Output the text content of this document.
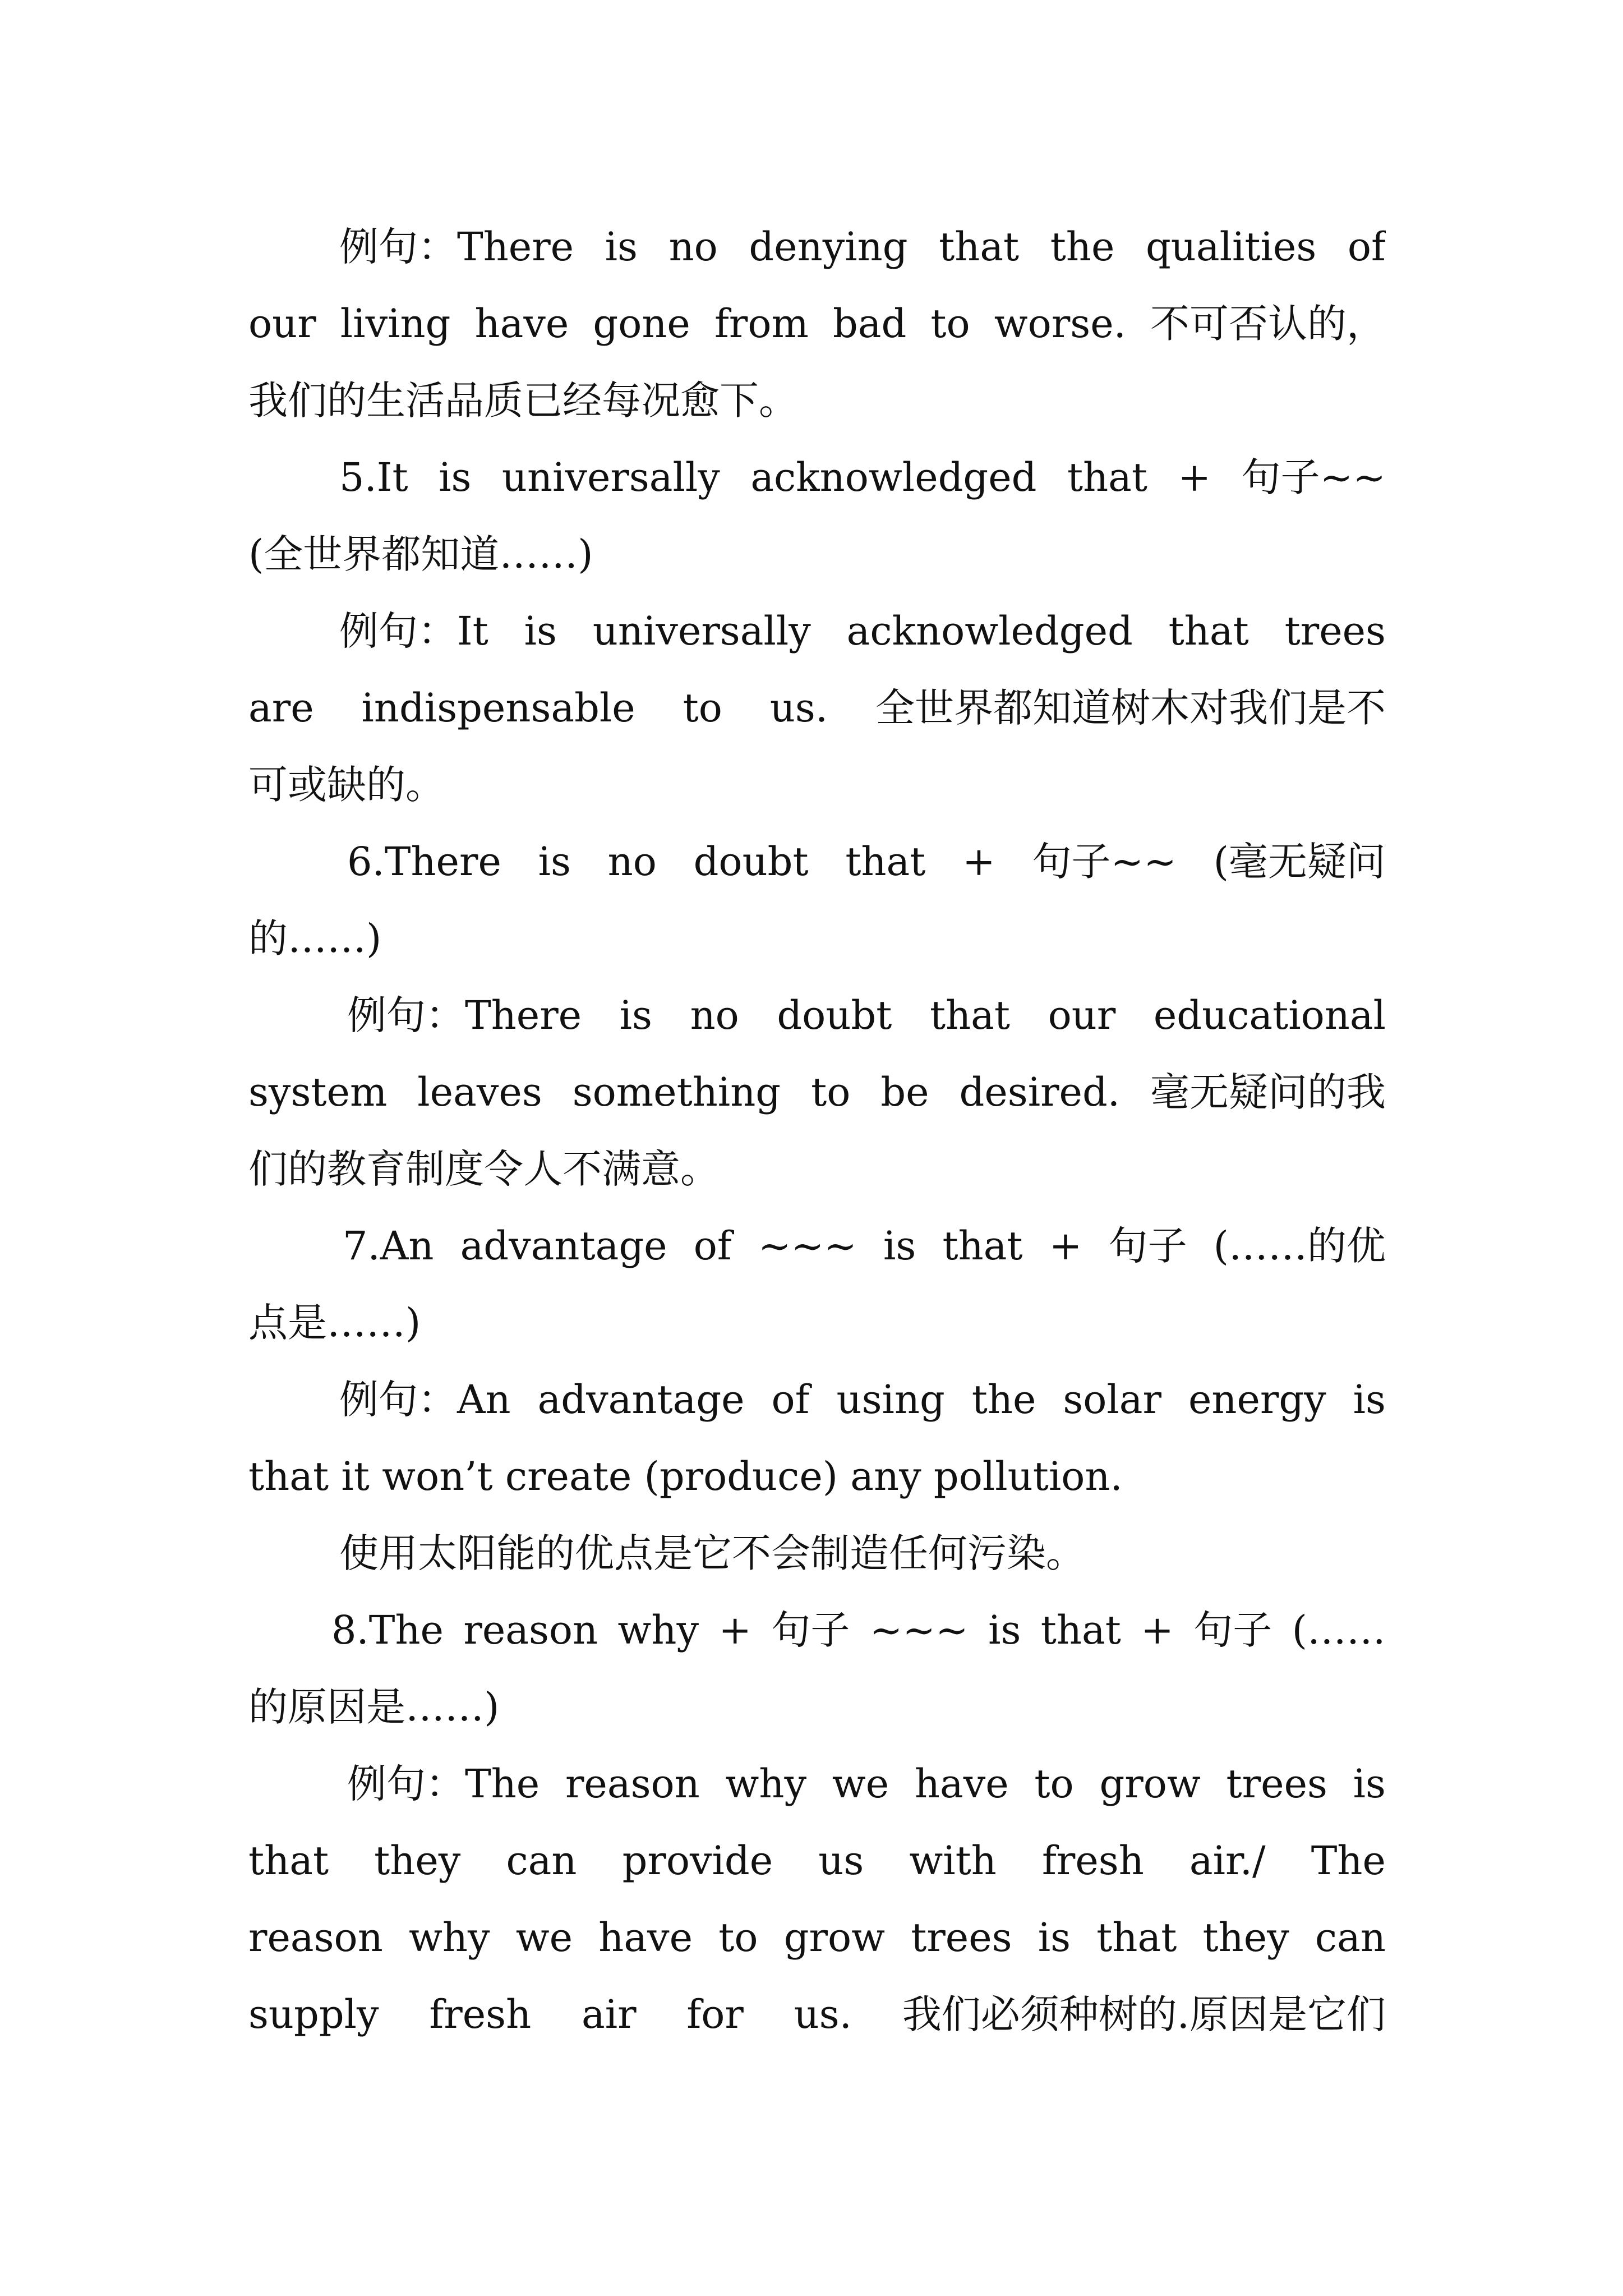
例句：There is no denying that the qualities of
our living have gone from bad to worse. 不可否认的，
我们的生活品质已经每况愈下。
5.It is universally acknowledged that + 句子~~
(全世界都知道……)
例句：It is universally acknowledged that trees
are indispensable to us. 全世界都知道树木对我们是不
可或缺的。
6.There is no doubt that + 句子~~ (毫无疑问
的……)
例句：There is no doubt that our educational
system leaves something to be desired. 毫无疑问的我
们的教育制度令人不满意。
7.An advantage of ~~~ is that + 句子 (……的优
点是……)
例句：An advantage of using the solar energy is
that it won’t create (produce) any pollution.
使用太阳能的优点是它不会制造任何污染。
8.The reason why + 句子 ~~~ is that + 句子 (……
的原因是……)
例句：The reason why we have to grow trees is
that they can provide us with fresh air./ The
reason why we have to grow trees is that they can
supply fresh air for us. 我们必须种树的.原因是它们
